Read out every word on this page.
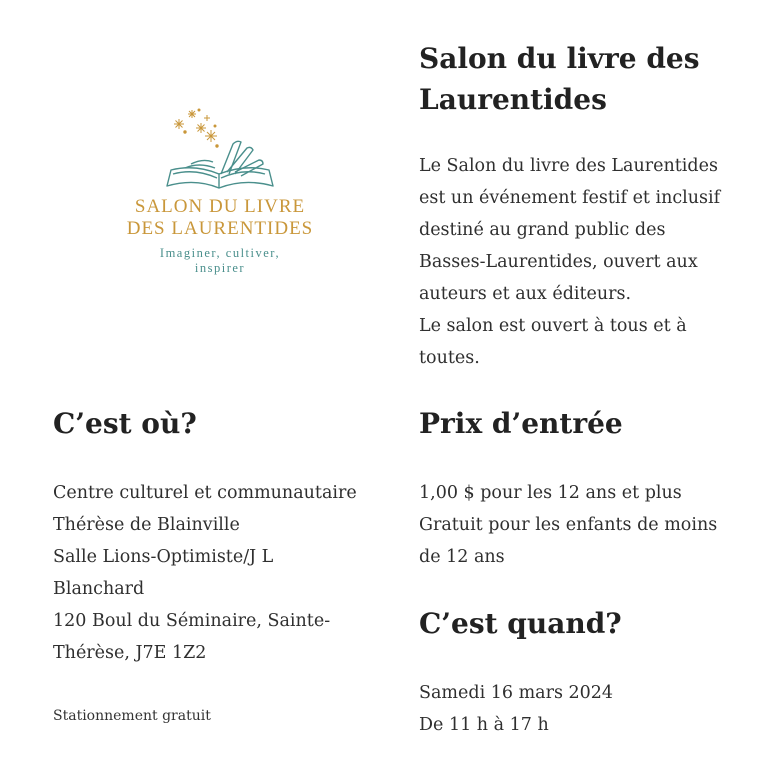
SALON DU LIVRE
DES LAURENTIDES
Imaginer, cultiver,
inspirer
Salon du livre des Laurentides

Le Salon du livre des Laurentides

est un événement festif et inclusif

destiné au grand public des

Basses-Laurentides, ouvert aux

auteurs et aux éditeurs.

Le salon est ouvert à tous et à

toutes.

C’est où?

Centre culturel et communautaire

Thérèse de Blainville

Salle Lions-Optimiste/J L

Blanchard

120 Boul du Séminaire, Sainte-

Thérèse, J7E 1Z2

Stationnement gratuit

Prix d’entrée

1,00 $ pour les 12 ans et plus

Gratuit pour les enfants de moins

de 12 ans

C’est quand?

Samedi 16 mars 2024

De 11 h à 17 h
